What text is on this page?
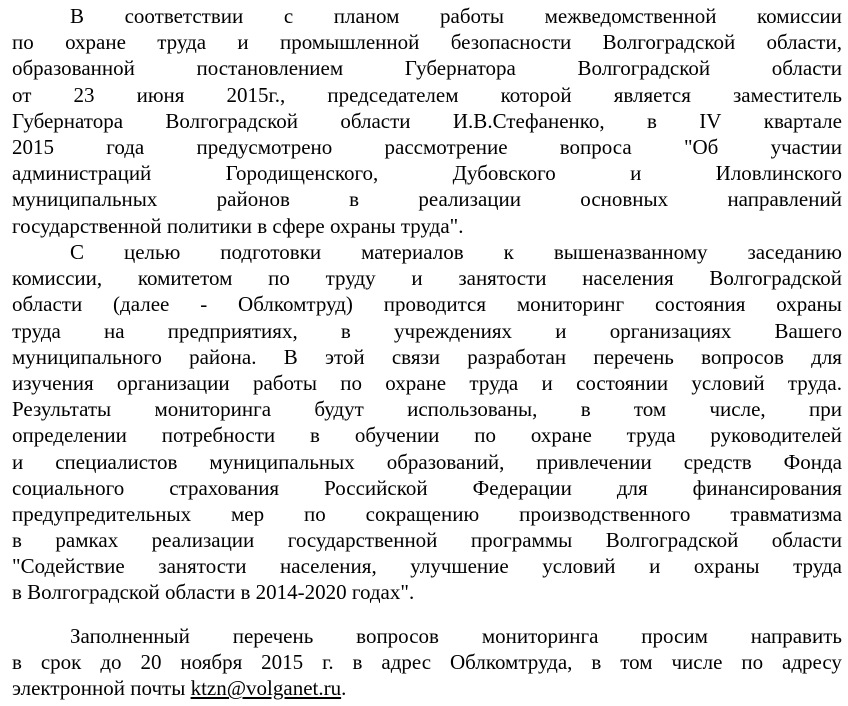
В соответствии с планом работы межведомственной комиссии
по охране труда и промышленной безопасности Волгоградской области,
образованной	постановлением	Губернатора	Волгоградской	области
от 23 июня 2015г., председателем которой является заместитель
Губернатора Волгоградской области И.В.Стефаненко, в IV квартале
2015 года предусмотрено рассмотрение вопроса "Об участии
администраций	Городищенского,	Дубовского	и	Иловлинского
муниципальных	районов	в	реализации	основных	направлений
государственной политики в сфере охраны труда".
С целью подготовки материалов к вышеназванному заседанию
комиссии, комитетом по труду и занятости населения Волгоградской
области (далее - Облкомтруд) проводится мониторинг состояния охраны
труда на предприятиях, в учреждениях и организациях Вашего
муниципального района. В этой связи разработан перечень вопросов для
изучения организации работы по охране труда и состоянии условий труда.
Результаты мониторинга будут использованы, в том числе, при
определении потребности в обучении по охране труда руководителей
и специалистов муниципальных образований, привлечении средств Фонда
социального страхования Российской Федерации для финансирования
предупредительных мер по сокращению производственного травматизма
в рамках реализации государственной программы Волгоградской области
"Содействие занятости населения, улучшение условий и охраны труда
в Волгоградской области в 2014-2020 годах".
Заполненный перечень вопросов мониторинга просим направить
в срок до 20 ноября 2015 г. в адрес Облкомтруда, в том числе по адресу
электронной почты ktzn@volganet.ru.
